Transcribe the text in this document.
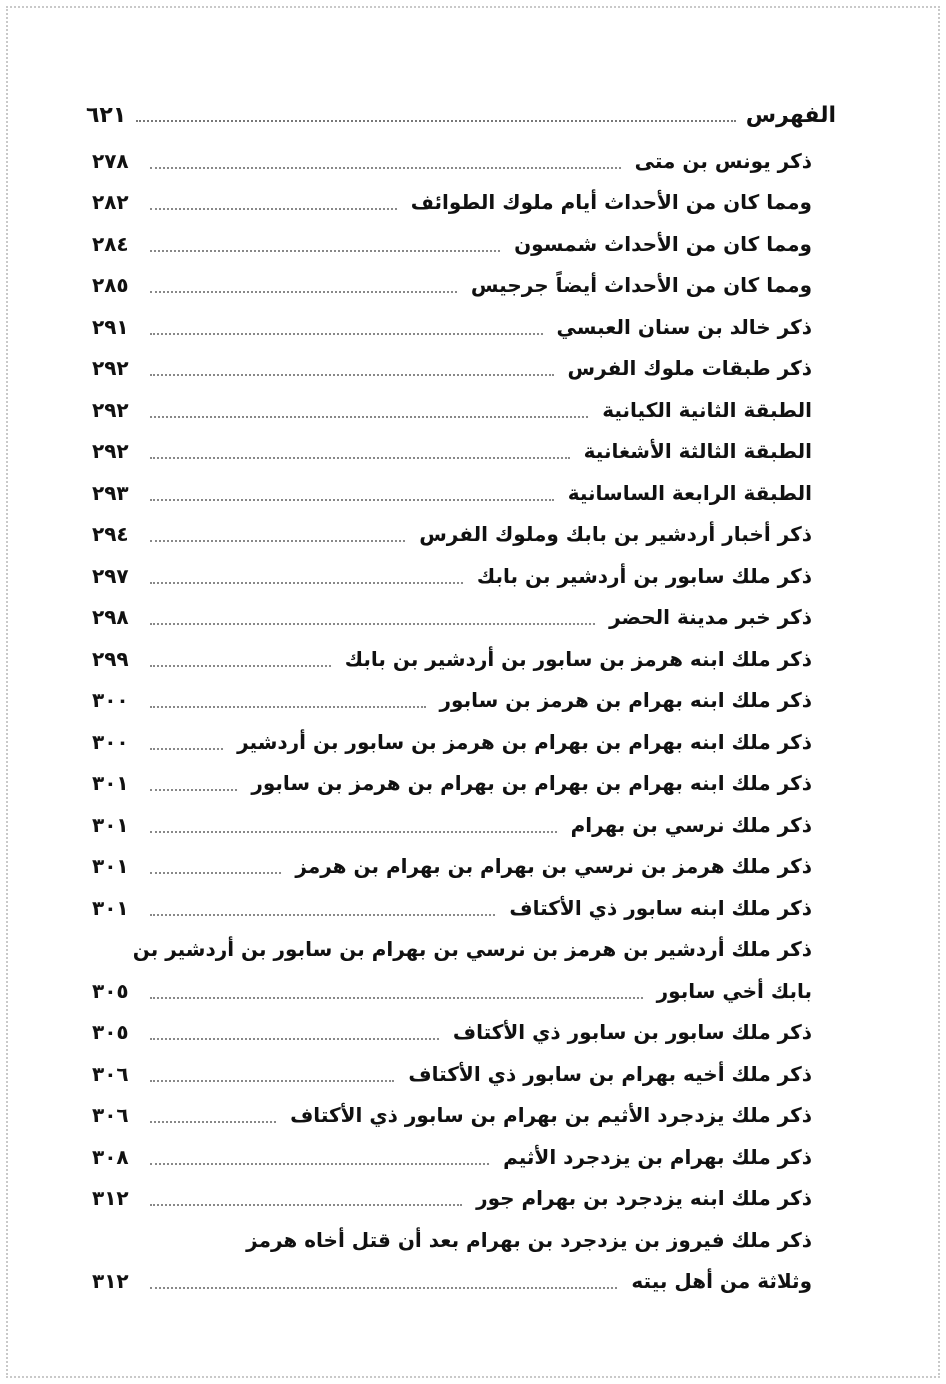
الفهرس
٦٢١
ذكر يونس بن متى
٢٧٨
ومما كان من الأحداث أيام ملوك الطوائف
٢٨٢
ومما كان من الأحداث شمسون
٢٨٤
ومما كان من الأحداث أيضاً جرجيس
٢٨٥
ذكر خالد بن سنان العبسي
٢٩١
ذكر طبقات ملوك الفرس
٢٩٢
الطبقة الثانية الكيانية
٢٩٢
الطبقة الثالثة الأشغانية
٢٩٢
الطبقة الرابعة الساسانية
٢٩٣
ذكر أخبار أردشير بن بابك وملوك الفرس
٢٩٤
ذكر ملك سابور بن أردشير بن بابك
٢٩٧
ذكر خبر مدينة الحضر
٢٩٨
ذكر ملك ابنه هرمز بن سابور بن أردشير بن بابك
٢٩٩
ذكر ملك ابنه بهرام بن هرمز بن سابور
٣٠٠
ذكر ملك ابنه بهرام بن بهرام بن هرمز بن سابور بن أردشير
٣٠٠
ذكر ملك ابنه بهرام بن بهرام بن بهرام بن هرمز بن سابور
٣٠١
ذكر ملك نرسي بن بهرام
٣٠١
ذكر ملك هرمز بن نرسي بن بهرام بن بهرام بن هرمز
٣٠١
ذكر ملك ابنه سابور ذي الأكتاف
٣٠١
ذكر ملك أردشير بن هرمز بن نرسي بن بهرام بن سابور بن أردشير بن
بابك أخي سابور
٣٠٥
ذكر ملك سابور بن سابور ذي الأكتاف
٣٠٥
ذكر ملك أخيه بهرام بن سابور ذي الأكتاف
٣٠٦
ذكر ملك يزدجرد الأثيم بن بهرام بن سابور ذي الأكتاف
٣٠٦
ذكر ملك بهرام بن يزدجرد الأثيم
٣٠٨
ذكر ملك ابنه يزدجرد بن بهرام جور
٣١٢
ذكر ملك فيروز بن يزدجرد بن بهرام بعد أن قتل أخاه هرمز
وثلاثة من أهل بيته
٣١٢
